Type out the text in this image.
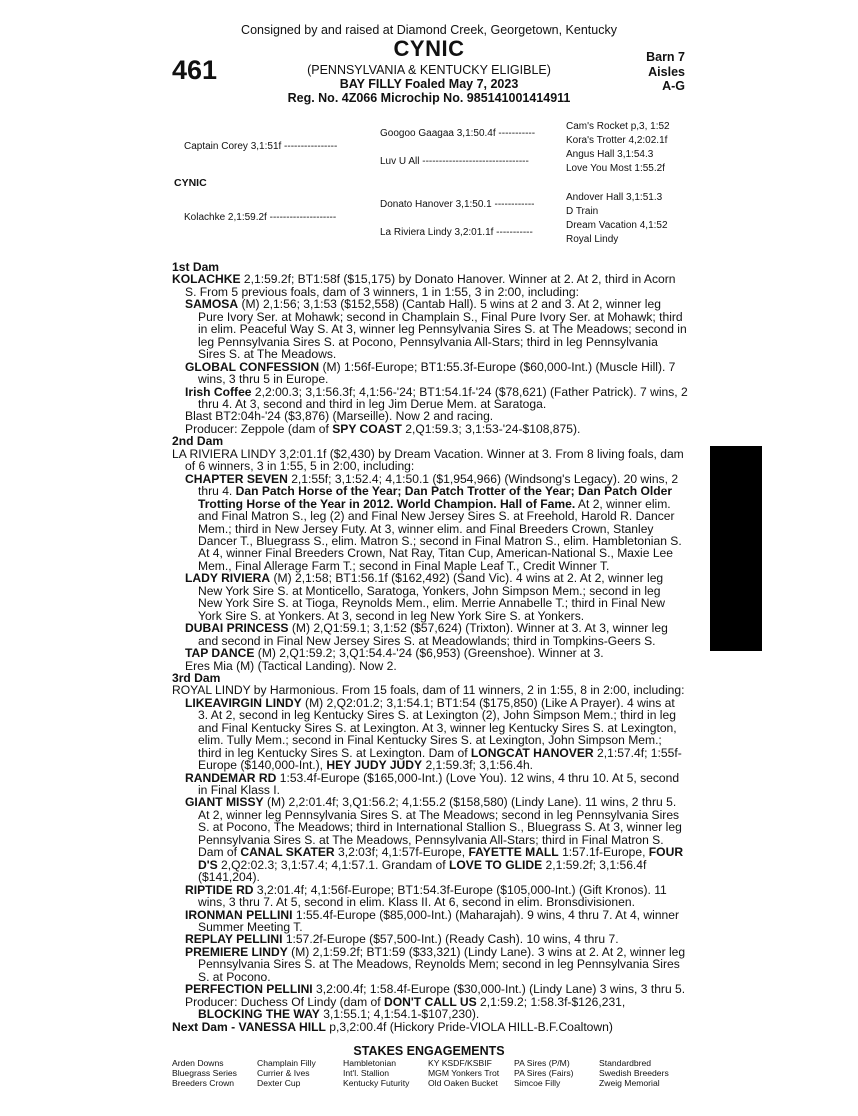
Consigned by and raised at Diamond Creek, Georgetown, Kentucky
CYNIC
(PENNSYLVANIA & KENTUCKY ELIGIBLE)
BAY FILLY Foaled May 7, 2023
Reg. No. 4Z066 Microchip No. 985141001414911
461	Barn 7
Aisles
A-G
Captain Corey 3,1:51f ----------------
CYNIC
Kolachke 2,1:59.2f --------------------
Googoo Gaagaa 3,1:50.4f -----------
Luv U All --------------------------------
Donato Hanover 3,1:50.1 ------------
La Riviera Lindy 3,2:01.1f -----------
Cam's Rocket p,3, 1:52
Kora's Trotter 4,2:02.1f
Angus Hall 3,1:54.3
Love You Most 1:55.2f
Andover Hall 3,1:51.3
D Train
Dream Vacation 4,1:52
Royal Lindy

1st Dam

KOLACHKE 2,1:59.2f; BT1:58f ($15,175) by Donato Hanover. Winner at 2. At 2, third in Acorn S. From 5 previous foals, dam of 3 winners, 1 in 1:55, 3 in 2:00, including:

SAMOSA (M) 2,1:56; 3,1:53 ($152,558) (Cantab Hall). 5 wins at 2 and 3. At 2, winner leg Pure Ivory Ser. at Mohawk; second in Champlain S., Final Pure Ivory Ser. at Mohawk; third in elim. Peaceful Way S. At 3, winner leg Pennsylvania Sires S. at The Meadows; second in leg Pennsylvania Sires S. at Pocono, Pennsylvania All-Stars; third in leg Pennsylvania Sires S. at The Meadows.

GLOBAL CONFESSION (M) 1:56f-Europe; BT1:55.3f-Europe ($60,000-Int.) (Muscle Hill). 7 wins, 3 thru 5 in Europe.

Irish Coffee 2,2:00.3; 3,1:56.3f; 4,1:56-'24; BT1:54.1f-'24 ($78,621) (Father Patrick). 7 wins, 2 thru 4. At 3, second and third in leg Jim Derue Mem. at Saratoga.

Blast BT2:04h-'24 ($3,876) (Marseille). Now 2 and racing.

Producer: Zeppole (dam of SPY COAST 2,Q1:59.3; 3,1:53-'24-$108,875).

2nd Dam

LA RIVIERA LINDY 3,2:01.1f ($2,430) by Dream Vacation. Winner at 3. From 8 living foals, dam of 6 winners, 3 in 1:55, 5 in 2:00, including:

CHAPTER SEVEN 2,1:55f; 3,1:52.4; 4,1:50.1 ($1,954,966) (Windsong's Legacy). 20 wins, 2 thru 4. Dan Patch Horse of the Year; Dan Patch Trotter of the Year; Dan Patch Older Trotting Horse of the Year in 2012. World Champion. Hall of Fame. At 2, winner elim. and Final Matron S., leg (2) and Final New Jersey Sires S. at Freehold, Harold R. Dancer Mem.; third in New Jersey Futy. At 3, winner elim. and Final Breeders Crown, Stanley Dancer T., Bluegrass S., elim. Matron S.; second in Final Matron S., elim. Hambletonian S. At 4, winner Final Breeders Crown, Nat Ray, Titan Cup, American-National S., Maxie Lee Mem., Final Allerage Farm T.; second in Final Maple Leaf T., Credit Winner T.

LADY RIVIERA (M) 2,1:58; BT1:56.1f ($162,492) (Sand Vic). 4 wins at 2. At 2, winner leg New York Sire S. at Monticello, Saratoga, Yonkers, John Simpson Mem.; second in leg New York Sire S. at Tioga, Reynolds Mem., elim. Merrie Annabelle T.; third in Final New York Sire S. at Yonkers. At 3, second in leg New York Sire S. at Yonkers.

DUBAI PRINCESS (M) 2,Q1:59.1; 3,1:52 ($57,624) (Trixton). Winner at 3. At 3, winner leg and second in Final New Jersey Sires S. at Meadowlands; third in Tompkins-Geers S.

TAP DANCE (M) 2,Q1:59.2; 3,Q1:54.4-'24 ($6,953) (Greenshoe). Winner at 3.

Eres Mia (M) (Tactical Landing). Now 2.

3rd Dam

ROYAL LINDY by Harmonious. From 15 foals, dam of 11 winners, 2 in 1:55, 8 in 2:00, including:

LIKEAVIRGIN LINDY (M) 2,Q2:01.2; 3,1:54.1; BT1:54 ($175,850) (Like A Prayer). 4 wins at 3. At 2, second in leg Kentucky Sires S. at Lexington (2), John Simpson Mem.; third in leg and Final Kentucky Sires S. at Lexington. At 3, winner leg Kentucky Sires S. at Lexington, elim. Tully Mem.; second in Final Kentucky Sires S. at Lexington, John Simpson Mem.; third in leg Kentucky Sires S. at Lexington. Dam of LONGCAT HANOVER 2,1:57.4f; 1:55f-Europe ($140,000-Int.), HEY JUDY JUDY 2,1:59.3f; 3,1:56.4h.

RANDEMAR RD 1:53.4f-Europe ($165,000-Int.) (Love You). 12 wins, 4 thru 10. At 5, second in Final Klass I.

GIANT MISSY (M) 2,2:01.4f; 3,Q1:56.2; 4,1:55.2 ($158,580) (Lindy Lane). 11 wins, 2 thru 5. At 2, winner leg Pennsylvania Sires S. at The Meadows; second in leg Pennsylvania Sires S. at Pocono, The Meadows; third in International Stallion S., Bluegrass S. At 3, winner leg Pennsylvania Sires S. at The Meadows, Pennsylvania All-Stars; third in Final Matron S. Dam of CANAL SKATER 3,2:03f; 4,1:57f-Europe, FAYETTE MALL 1:57.1f-Europe, FOUR D'S 2,Q2:02.3; 3,1:57.4; 4,1:57.1. Grandam of LOVE TO GLIDE 2,1:59.2f; 3,1:56.4f ($141,204).

RIPTIDE RD 3,2:01.4f; 4,1:56f-Europe; BT1:54.3f-Europe ($105,000-Int.) (Gift Kronos). 11 wins, 3 thru 7. At 5, second in elim. Klass II. At 6, second in elim. Bronsdivisionen.

IRONMAN PELLINI 1:55.4f-Europe ($85,000-Int.) (Maharajah). 9 wins, 4 thru 7. At 4, winner Summer Meeting T.

REPLAY PELLINI 1:57.2f-Europe ($57,500-Int.) (Ready Cash). 10 wins, 4 thru 7.

PREMIERE LINDY (M) 2,1:59.2f; BT1:59 ($33,321) (Lindy Lane). 3 wins at 2. At 2, winner leg Pennsylvania Sires S. at The Meadows, Reynolds Mem; second in leg Pennsylvania Sires S. at Pocono.

PERFECTION PELLINI 3,2:00.4f; 1:58.4f-Europe ($30,000-Int.) (Lindy Lane) 3 wins, 3 thru 5.

Producer: Duchess Of Lindy (dam of DON'T CALL US 2,1:59.2; 1:58.3f-$126,231, BLOCKING THE WAY 3,1:55.1; 4,1:54.1-$107,230).

Next Dam - VANESSA HILL p,3,2:00.4f (Hickory Pride-VIOLA HILL-B.F.Coaltown)

STAKES ENGAGEMENTS
Arden Downs
Bluegrass Series
Breeders Crown
Champlain Filly
Currier & Ives
Dexter Cup
Hambletonian
Int'l. Stallion
Kentucky Futurity
KY KSDF/KSBIF
MGM Yonkers Trot
Old Oaken Bucket
PA Sires (P/M)
PA Sires (Fairs)
Simcoe Filly
Standardbred
Swedish Breeders
Zweig Memorial
